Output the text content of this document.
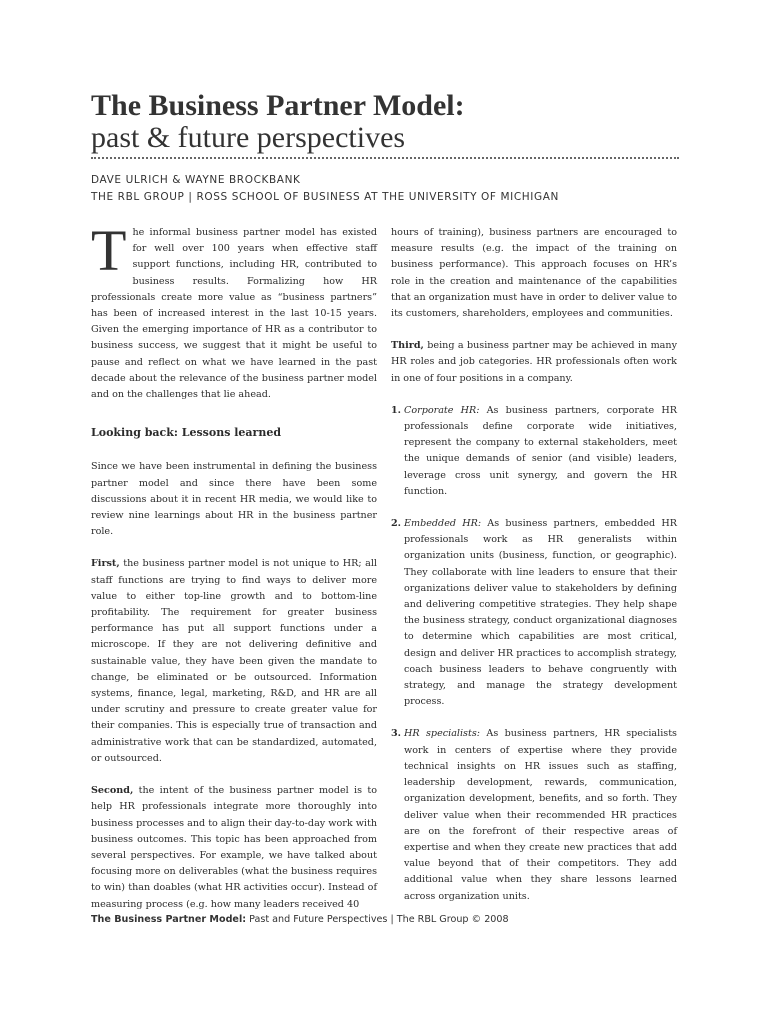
The Business Partner Model:
past & future perspectives
DAVE ULRICH & WAYNE BROCKBANK
THE RBL GROUP | ROSS SCHOOL OF BUSINESS AT THE UNIVERSITY OF MICHIGAN

The informal business partner model has existed for well over 100 years when effective staff support functions, including HR, contributed to business results. Formalizing how HR professionals create more value as “business partners” has been of increased interest in the last 10-15 years. Given the emerging importance of HR as a contributor to business success, we suggest that it might be useful to pause and reflect on what we have learned in the past decade about the relevance of the business partner model and on the challenges that lie ahead.

Looking back: Lessons learned

Since we have been instrumental in defining the business partner model and since there have been some discussions about it in recent HR media, we would like to review nine learnings about HR in the business partner role.

First, the business partner model is not unique to HR; all staff functions are trying to find ways to deliver more value to either top-line growth and to bottom-line profitability. The requirement for greater business performance has put all support functions under a microscope. If they are not delivering definitive and sustainable value, they have been given the mandate to change, be eliminated or be outsourced. Information systems, finance, legal, marketing, R&D, and HR are all under scrutiny and pressure to create greater value for their companies. This is especially true of transaction and administrative work that can be standardized, automated, or outsourced.

Second, the intent of the business partner model is to help HR professionals integrate more thoroughly into business processes and to align their day-to-day work with business outcomes. This topic has been approached from several perspectives. For example, we have talked about focusing more on deliverables (what the business requires to win) than doables (what HR activities occur). Instead of measuring process (e.g. how many leaders received 40

hours of training), business partners are encouraged to measure results (e.g. the impact of the training on business performance). This approach focuses on HR’s role in the creation and maintenance of the capabilities that an organization must have in order to deliver value to its customers, shareholders, employees and communities.

Third, being a business partner may be achieved in many HR roles and job categories. HR professionals often work in one of four positions in a company.

1. Corporate HR: As business partners, corporate HR professionals define corporate wide initiatives, represent the company to external stakeholders, meet the unique demands of senior (and visible) leaders, leverage cross unit synergy, and govern the HR function.
2. Embedded HR: As business partners, embedded HR professionals work as HR generalists within organization units (business, function, or geographic). They collaborate with line leaders to ensure that their organizations deliver value to stakeholders by defining and delivering competitive strategies. They help shape the business strategy, conduct organizational diagnoses to determine which capabilities are most critical, design and deliver HR practices to accomplish strategy, coach business leaders to behave congruently with strategy, and manage the strategy development process.
3. HR specialists: As business partners, HR specialists work in centers of expertise where they provide technical insights on HR issues such as staffing, leadership development, rewards, communication, organization development, benefits, and so forth. They deliver value when their recommended HR practices are on the forefront of their respective areas of expertise and when they create new practices that add value beyond that of their competitors. They add additional value when they share lessons learned across organization units.
The Business Partner Model: Past and Future Perspectives | The RBL Group © 2008
